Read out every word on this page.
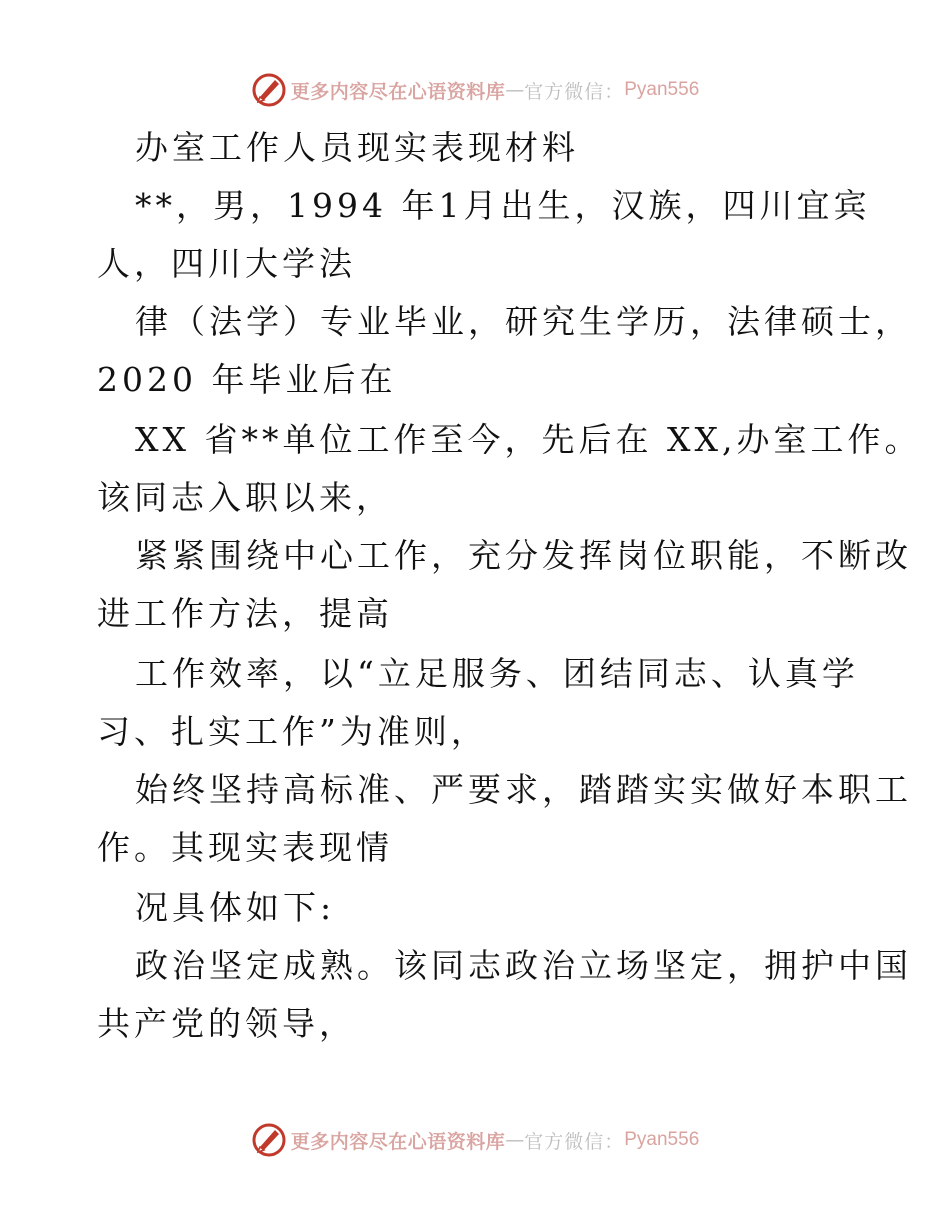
更多内容尽在心语资料库 — 官方微信： Pyan556
办室工作人员现实表现材料
**，男，1994 年1月出生，汉族，四川宜宾
人，四川大学法
律（法学）专业毕业，研究生学历，法律硕士，
2020 年毕业后在
XX 省**单位工作至今，先后在 XX,办室工作。
该同志入职以来，
紧紧围绕中心工作，充分发挥岗位职能，不断改
进工作方法，提高
工作效率，以“立足服务、团结同志、认真学
习、扎实工作”为准则，
始终坚持高标准、严要求，踏踏实实做好本职工
作。其现实表现情
况具体如下:
政治坚定成熟。该同志政治立场坚定，拥护中国
共产党的领导，
更多内容尽在心语资料库 — 官方微信： Pyan556
